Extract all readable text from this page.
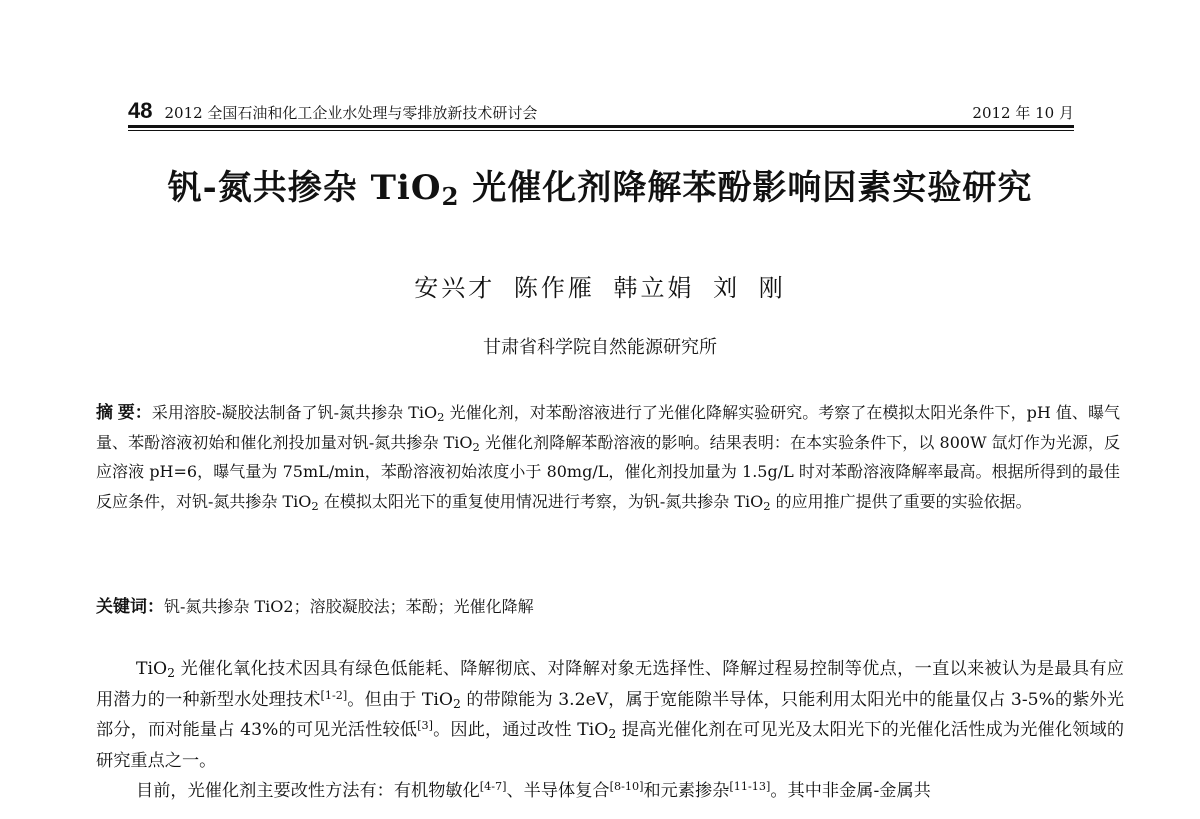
48 2012 全国石油和化工企业水处理与零排放新技术研讨会	2012 年 10 月
钒-氮共掺杂 TiO$_2$ 光催化剂降解苯酚影响因素实验研究
安兴才 陈作雁 韩立娟 刘 刚
甘肃省科学院自然能源研究所
摘 要：采用溶胶-凝胶法制备了钒-氮共掺杂 TiO$_2$ 光催化剂，对苯酚溶液进行了光催化降解实验研究。考察了在模拟太阳光条件下，pH 值、曝气量、苯酚溶液初始和催化剂投加量对钒-氮共掺杂 TiO$_2$ 光催化剂降解苯酚溶液的影响。结果表明：在本实验条件下，以 800W 氙灯作为光源，反应溶液 pH=6，曝气量为 75mL/min，苯酚溶液初始浓度小于 80mg/L，催化剂投加量为 1.5g/L 时对苯酚溶液降解率最高。根据所得到的最佳反应条件，对钒-氮共掺杂 TiO$_2$ 在模拟太阳光下的重复使用情况进行考察，为钒-氮共掺杂 TiO$_2$ 的应用推广提供了重要的实验依据。
关键词：钒-氮共掺杂 TiO2；溶胶凝胶法；苯酚；光催化降解

TiO$_2$ 光催化氧化技术因具有绿色低能耗、降解彻底、对降解对象无选择性、降解过程易控制等优点，一直以来被认为是最具有应用潜力的一种新型水处理技术[1-2]。但由于 TiO$_2$ 的带隙能为 3.2eV，属于宽能隙半导体，只能利用太阳光中的能量仅占 3-5%的紫外光部分，而对能量占 43%的可见光活性较低[3]。因此，通过改性 TiO$_2$ 提高光催化剂在可见光及太阳光下的光催化活性成为光催化领域的研究重点之一。

目前，光催化剂主要改性方法有：有机物敏化[4-7]、半导体复合[8-10]和元素掺杂[11-13]。其中非金属-金属共
